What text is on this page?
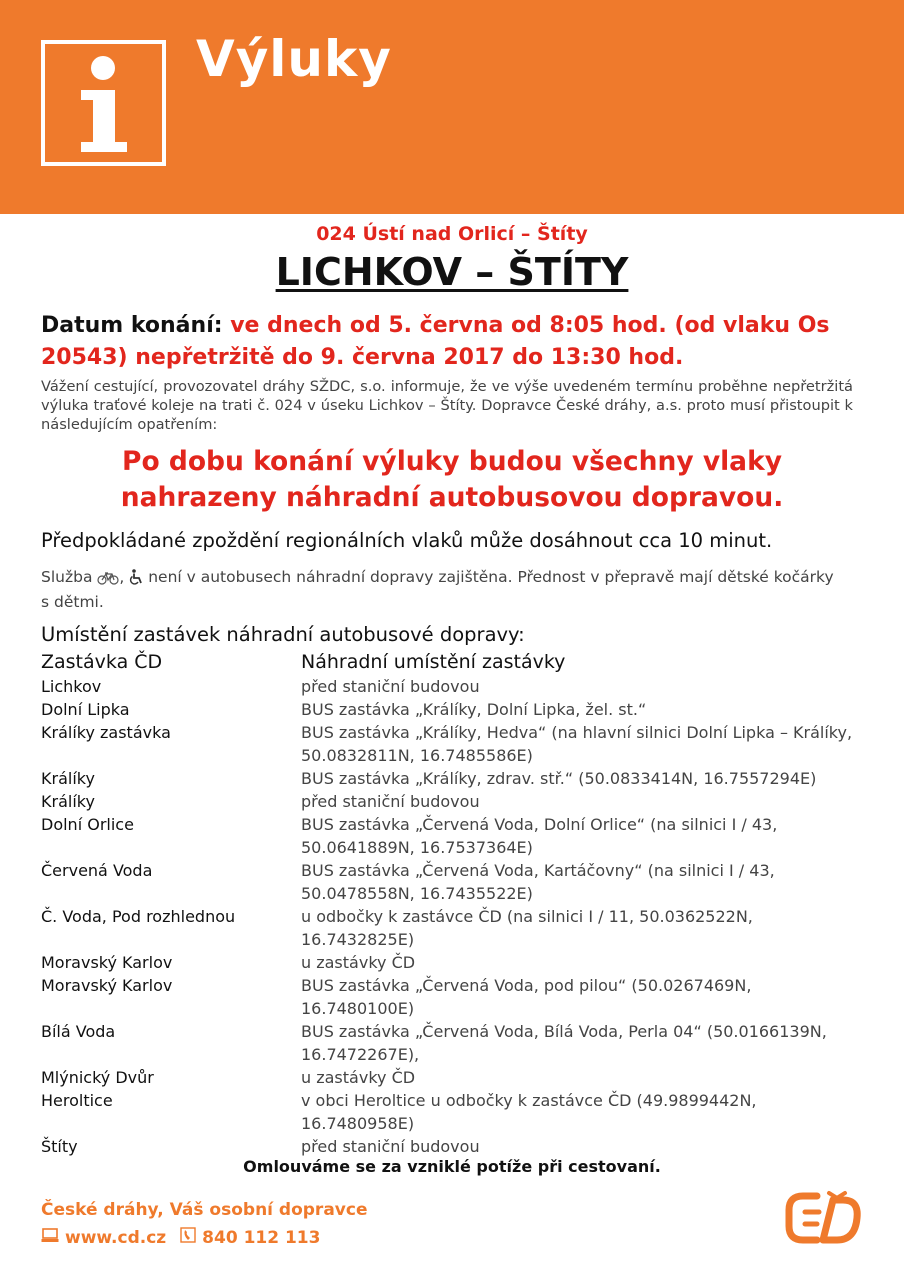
Výluky
024 Ústí nad Orlicí – Štíty
LICHKOV – ŠTÍTY
Datum konání: ve dnech od 5. června od 8:05 hod. (od vlaku Os 20543) nepřetržitě do 9. června 2017 do 13:30 hod.
Vážení cestující, provozovatel dráhy SŽDC, s.o. informuje, že ve výše uvedeném termínu proběhne nepřetržitá výluka traťové koleje na trati č. 024 v úseku Lichkov – Štíty. Dopravce České dráhy, a.s. proto musí přistoupit k následujícím opatřením:
Po dobu konání výluky budou všechny vlaky
nahrazeny náhradní autobusovou dopravou.
Předpokládané zpoždění regionálních vlaků může dosáhnout cca 10 minut.
Služba , není v autobusech náhradní dopravy zajištěna. Přednost v přepravě mají dětské kočárky s dětmi.
Umístění zastávek náhradní autobusové dopravy:
Zastávka ČD	Náhradní umístění zastávky
Lichkov	před staniční budovou
Dolní Lipka	BUS zastávka „Králíky, Dolní Lipka, žel. st.“
Králíky zastávka	BUS zastávka „Králíky, Hedva“ (na hlavní silnici Dolní Lipka – Králíky, 50.0832811N, 16.7485586E)
Králíky	BUS zastávka „Králíky, zdrav. stř.“ (50.0833414N, 16.7557294E)
Králíky	před staniční budovou
Dolní Orlice	BUS zastávka „Červená Voda, Dolní Orlice“ (na silnici I / 43, 50.0641889N, 16.7537364E)
Červená Voda	BUS zastávka „Červená Voda, Kartáčovny“ (na silnici I / 43, 50.0478558N, 16.7435522E)
Č. Voda, Pod rozhlednou	u odbočky k zastávce ČD (na silnici I / 11, 50.0362522N, 16.7432825E)
Moravský Karlov	u zastávky ČD
Moravský Karlov	BUS zastávka „Červená Voda, pod pilou“ (50.0267469N, 16.7480100E)
Bílá Voda	BUS zastávka „Červená Voda, Bílá Voda, Perla 04“ (50.0166139N, 16.7472267E),
Mlýnický Dvůr	u zastávky ČD
Heroltice	v obci Heroltice u odbočky k zastávce ČD (49.9899442N, 16.7480958E)
Štíty	před staniční budovou
Omlouváme se za vzniklé potíže při cestovaní.
České dráhy, Váš osobní dopravce
www.cd.cz 840 112 113
